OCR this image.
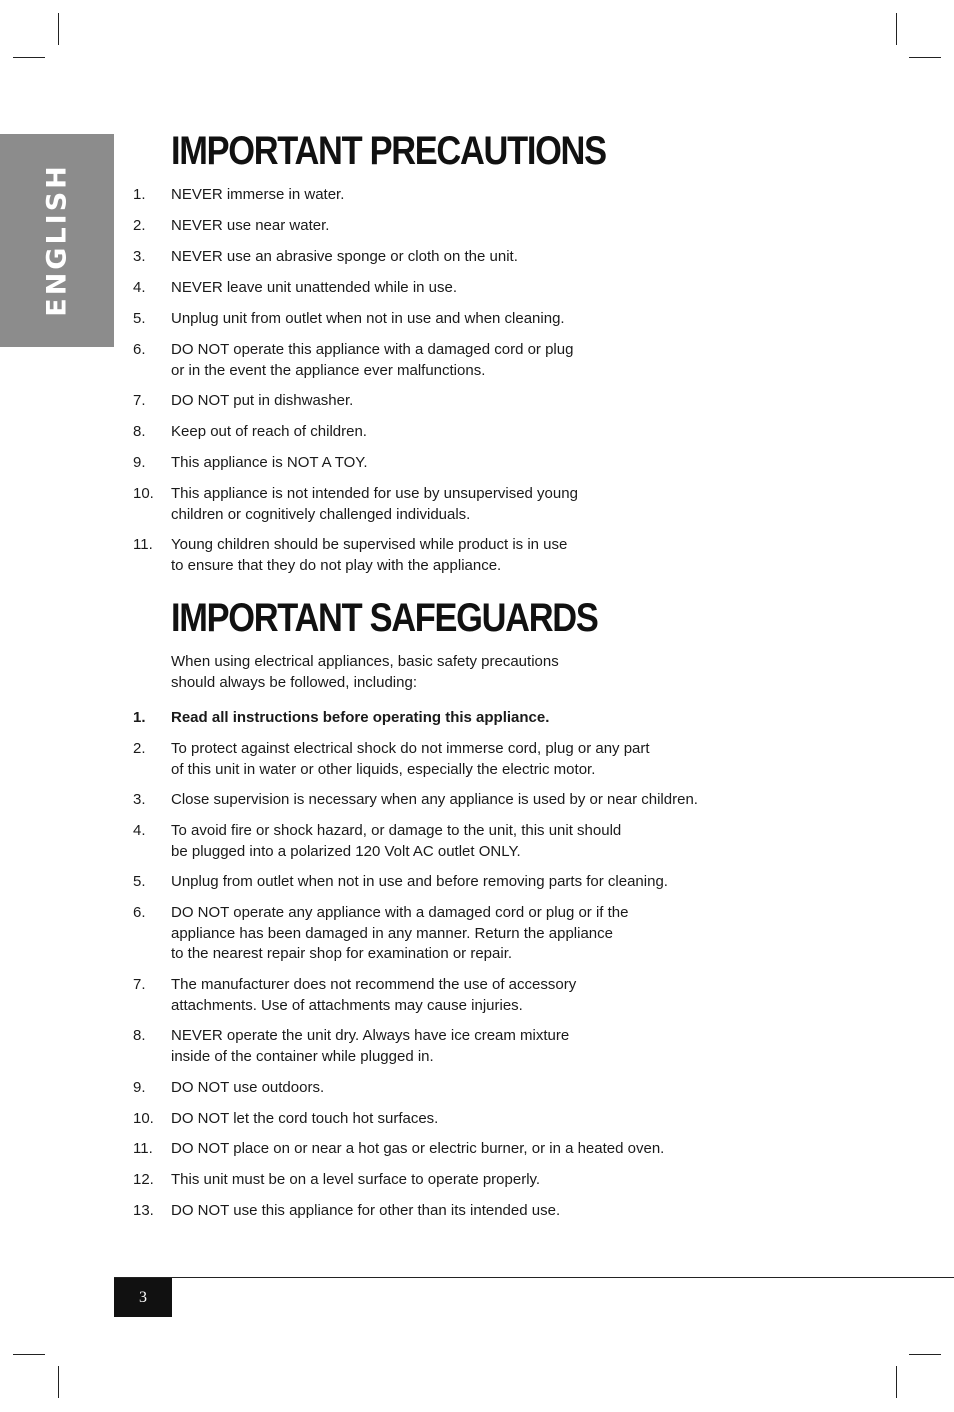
ENGLISH
IMPORTANT PRECAUTIONS
1. NEVER immerse in water.
2. NEVER use near water.
3. NEVER use an abrasive sponge or cloth on the unit.
4. NEVER leave unit unattended while in use.
5. Unplug unit from outlet when not in use and when cleaning.
6. DO NOT operate this appliance with a damaged cord or plug
or in the event the appliance ever malfunctions.
7. DO NOT put in dishwasher.
8. Keep out of reach of children.
9. This appliance is NOT A TOY.
10. This appliance is not intended for use by unsupervised young
children or cognitively challenged individuals.
11. Young children should be supervised while product is in use
to ensure that they do not play with the appliance.
IMPORTANT SAFEGUARDS
When using electrical appliances, basic safety precautions
should always be followed, including:
1. Read all instructions before operating this appliance.
2. To protect against electrical shock do not immerse cord, plug or any part
of this unit in water or other liquids, especially the electric motor.
3. Close supervision is necessary when any appliance is used by or near children.
4. To avoid fire or shock hazard, or damage to the unit, this unit should
be plugged into a polarized 120 Volt AC outlet ONLY.
5. Unplug from outlet when not in use and before removing parts for cleaning.
6. DO NOT operate any appliance with a damaged cord or plug or if the
appliance has been damaged in any manner. Return the appliance
to the nearest repair shop for examination or repair.
7. The manufacturer does not recommend the use of accessory
attachments. Use of attachments may cause injuries.
8. NEVER operate the unit dry. Always have ice cream mixture
inside of the container while plugged in.
9. DO NOT use outdoors.
10. DO NOT let the cord touch hot surfaces.
11. DO NOT place on or near a hot gas or electric burner, or in a heated oven.
12. This unit must be on a level surface to operate properly.
13. DO NOT use this appliance for other than its intended use.
3
